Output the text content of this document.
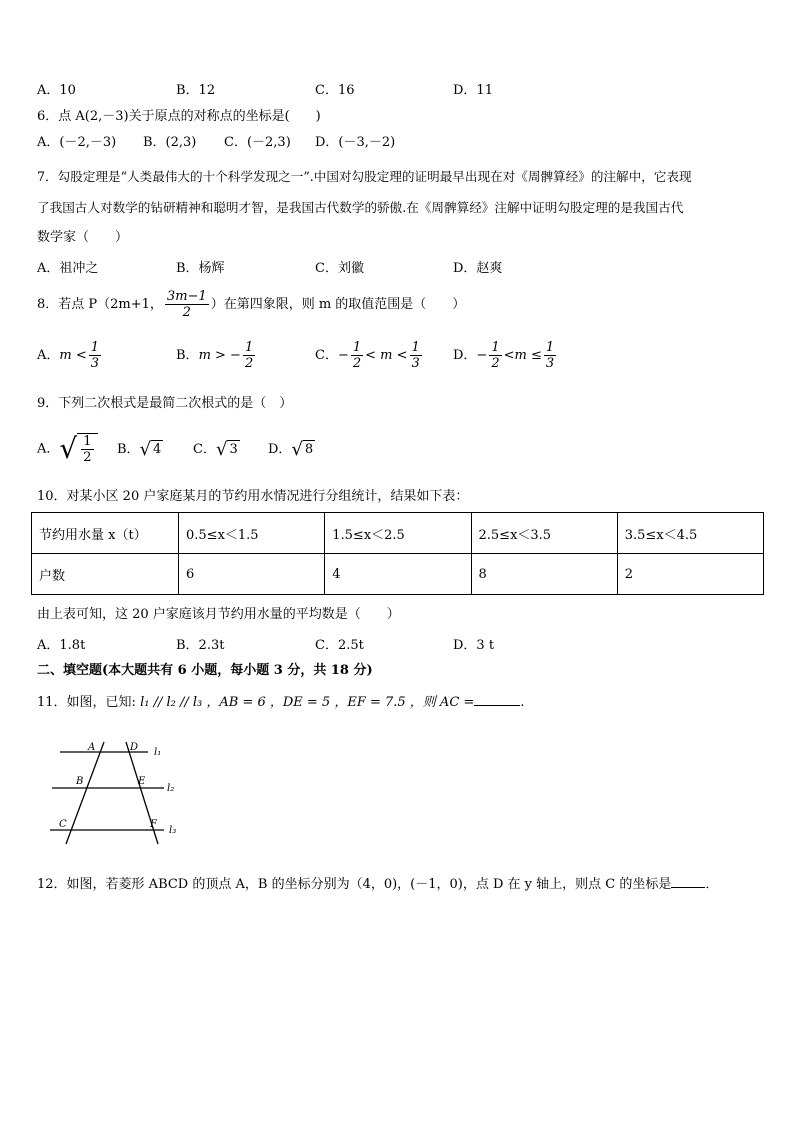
A．10	B．12	C．16	D．11
6．点 A(2,－3)关于原点的对称点的坐标是(　　)
A．(－2,－3) B．(2,3) C．(－2,3) D．(－3,－2)
7．勾股定理是“人类最伟大的十个科学发现之一”.中国对勾股定理的证明最早出现在对《周髀算经》的注解中，它表现
了我国古人对数学的钻研精神和聪明才智，是我国古代数学的骄傲.在《周髀算经》注解中证明勾股定理的是我国古代
数学家（　　）
A．祖冲之	B．杨辉	C．刘徽	D．赵爽
8．若点 P（2m+1， $\frac{3m-1}{2}$ ）在第四象限，则 m 的取值范围是（　　）
A．$m < \frac{1}{3}$	B．m > − $\frac{1}{2}$	C．− $\frac{1}{2} < m < \frac{1}{3}$ D．− $\frac{1}{2} <m \le \frac{1}{3}$
9．下列二次根式是最简二次根式的是（　）
A． √ $\frac{1}{2}$ B． √ 4 C． √ 3 D． √ 8
10．对某小区 20 户家庭某月的节约用水情况进行分组统计，结果如下表：
节约用水量 x（t）	0.5≤x＜1.5	1.5≤x＜2.5	2.5≤x＜3.5	3.5≤x＜4.5
户数	6	4	8	2
由上表可知，这 20 户家庭该月节约用水量的平均数是（　　）
A．1.8t	B．2.3t	C．2.5t	D．3 t
二、填空题(本大题共有 6 小题，每小题 3 分，共 18 分)
11．如图，已知: l₁ // l₂ // l₃ ，AB = 6 ，DE = 5 ，EF = 7.5 ，则 AC =	.
A	D l₁
B	E
l₂
C	F
l₃
12．如图，若菱形 ABCD 的顶点 A，B 的坐标分别为（4，0)，(－1，0)，点 D 在 y 轴上，则点 C 的坐标是	．
